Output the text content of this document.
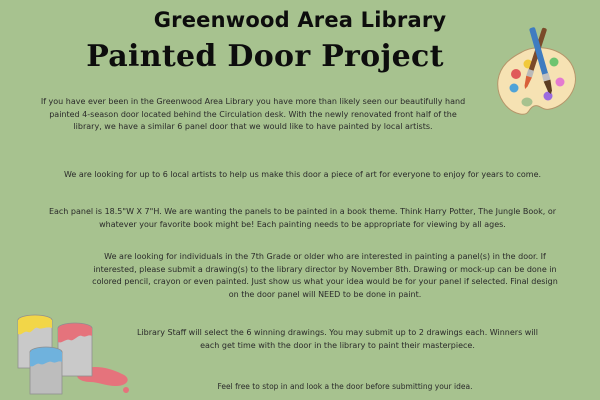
Greenwood Area Library
Painted Door Project
If you have ever been in the Greenwood Area Library you have more than likely seen our beautifully hand painted 4-season door located behind the Circulation desk. With the newly renovated front half of the library, we have a similar 6 panel door that we would like to have painted by local artists.
We are looking for up to 6 local artists to help us make this door a piece of art for everyone to enjoy for years to come.
Each panel is 18.5"W X 7"H. We are wanting the panels to be painted in a book theme. Think Harry Potter, The Jungle Book, or whatever your favorite book might be! Each painting needs to be appropriate for viewing by all ages.
We are looking for individuals in the 7th Grade or older who are interested in painting a panel(s) in the door. If interested, please submit a drawing(s) to the library director by November 8th. Drawing or mock-up can be done in colored pencil, crayon or even painted. Just show us what your idea would be for your panel if selected. Final design on the door panel will NEED to be done in paint.
Library Staff will select the 6 winning drawings. You may submit up to 2 drawings each. Winners will each get time with the door in the library to paint their masterpiece.
Feel free to stop in and look a the door before submitting your idea.
